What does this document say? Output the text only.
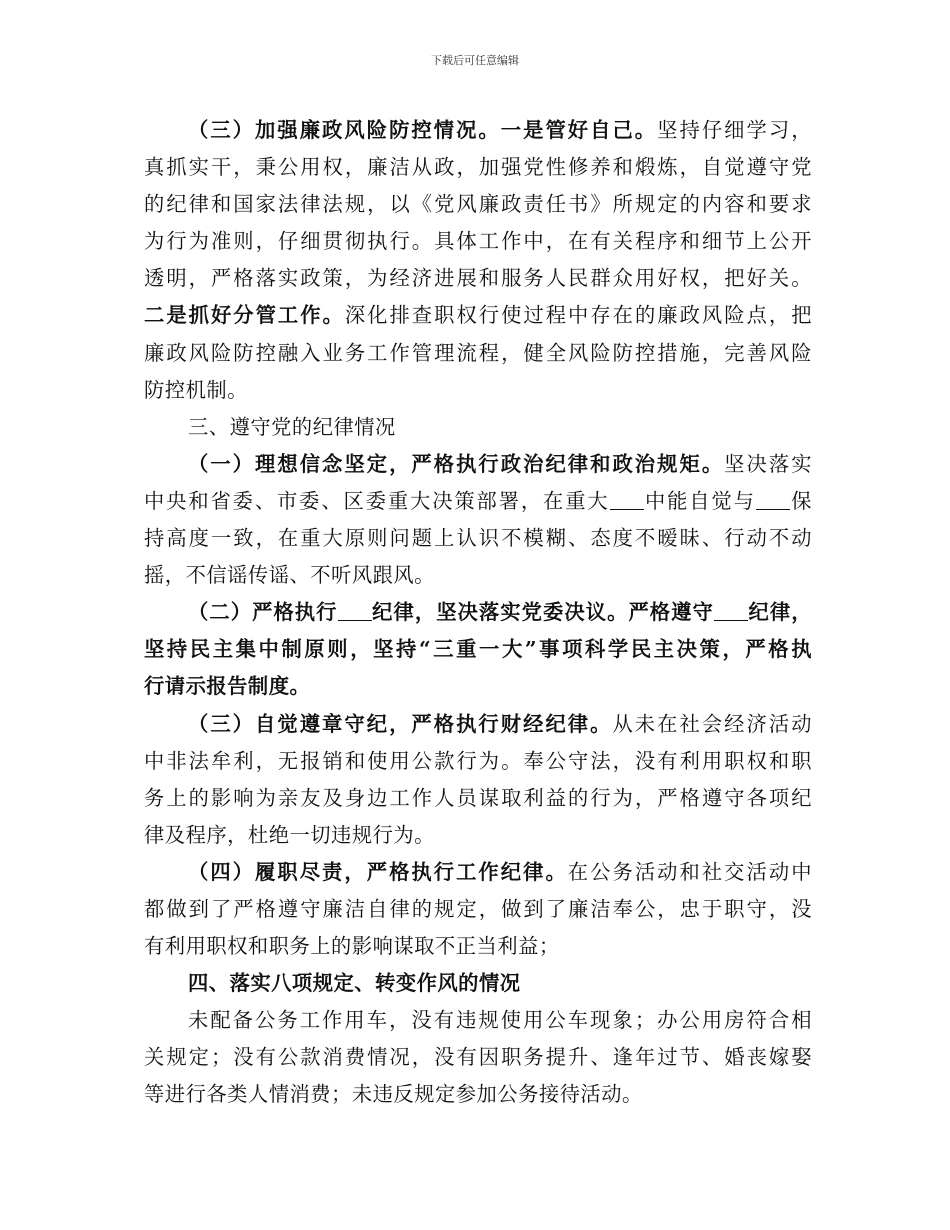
下载后可任意编辑
（三）加强廉政风险防控情况。一是管好自己。坚持仔细学习，
真抓实干，秉公用权，廉洁从政，加强党性修养和煅炼，自觉遵守党
的纪律和国家法律法规，以《党风廉政责任书》所规定的内容和要求
为行为准则，仔细贯彻执行。具体工作中，在有关程序和细节上公开
透明，严格落实政策，为经济进展和服务人民群众用好权，把好关。
二是抓好分管工作。深化排查职权行使过程中存在的廉政风险点，把
廉政风险防控融入业务工作管理流程，健全风险防控措施，完善风险
防控机制。
三、遵守党的纪律情况
（一）理想信念坚定，严格执行政治纪律和政治规矩。坚决落实
中央和省委、市委、区委重大决策部署，在重大 中能自觉与 保
持高度一致，在重大原则问题上认识不模糊、态度不暧昧、行动不动
摇，不信谣传谣、不听风跟风。
（二）严格执行 纪律，坚决落实党委决议。严格遵守 纪律，
坚持民主集中制原则，坚持“三重一大”事项科学民主决策，严格执
行请示报告制度。
（三）自觉遵章守纪，严格执行财经纪律。从未在社会经济活动
中非法牟利，无报销和使用公款行为。奉公守法，没有利用职权和职
务上的影响为亲友及身边工作人员谋取利益的行为，严格遵守各项纪
律及程序，杜绝一切违规行为。
（四）履职尽责，严格执行工作纪律。在公务活动和社交活动中
都做到了严格遵守廉洁自律的规定，做到了廉洁奉公，忠于职守，没
有利用职权和职务上的影响谋取不正当利益；
四、落实八项规定、转变作风的情况
未配备公务工作用车，没有违规使用公车现象；办公用房符合相
关规定；没有公款消费情况，没有因职务提升、逢年过节、婚丧嫁娶
等进行各类人情消费；未违反规定参加公务接待活动。
